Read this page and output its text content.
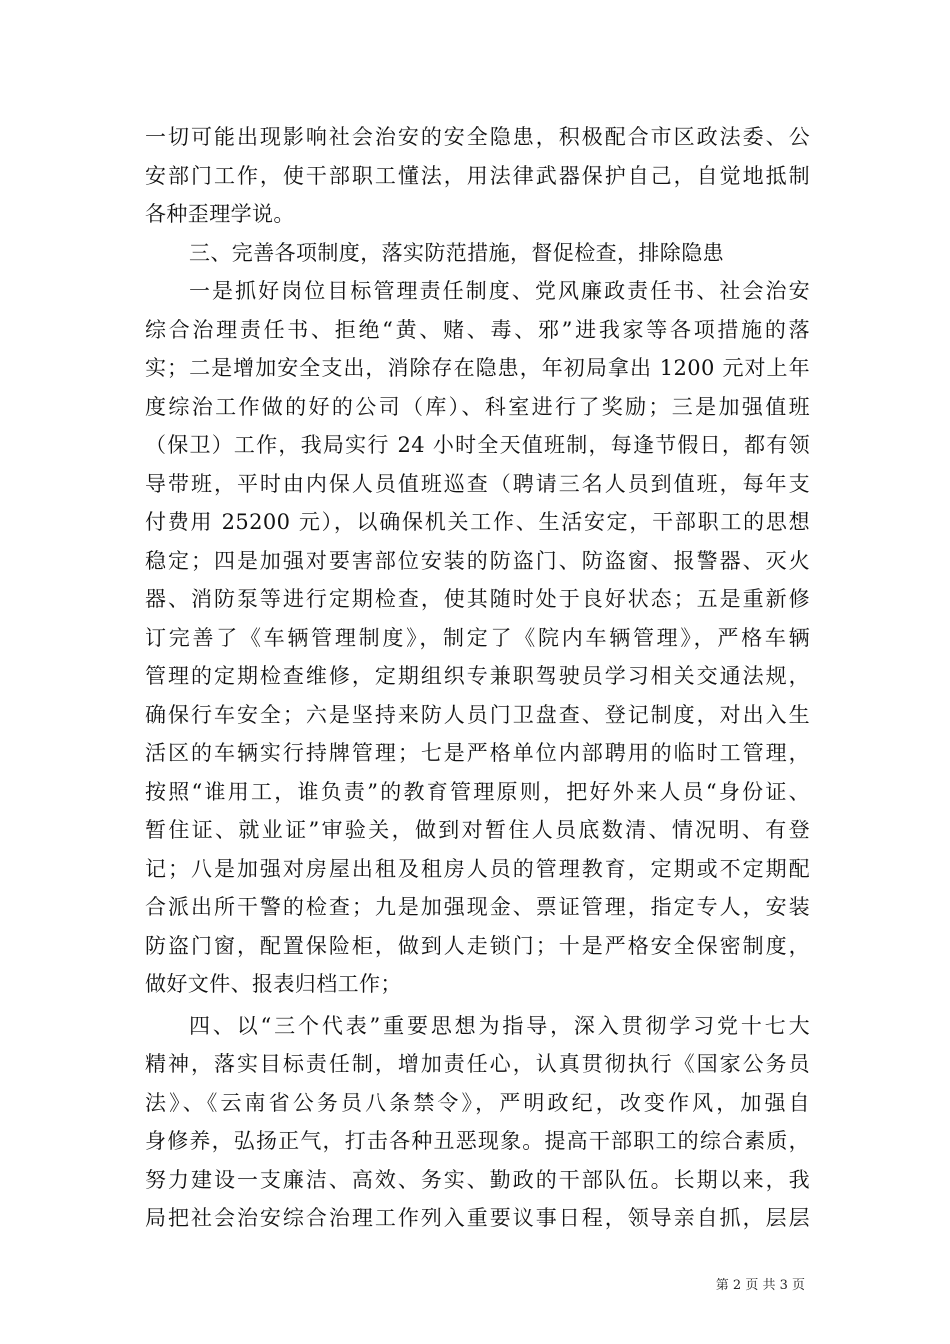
一切可能出现影响社会治安的安全隐患，积极配合市区政法委、公
安部门工作，使干部职工懂法，用法律武器保护自己，自觉地抵制
各种歪理学说。
三、完善各项制度，落实防范措施，督促检查，排除隐患
一是抓好岗位目标管理责任制度、党风廉政责任书、社会治安
综合治理责任书、拒绝“黄、赌、毒、邪”进我家等各项措施的落
实；二是增加安全支出，消除存在隐患，年初局拿出 1200 元对上年
度综治工作做的好的公司（库）、科室进行了奖励；三是加强值班
（保卫）工作，我局实行 24 小时全天值班制，每逢节假日，都有领
导带班，平时由内保人员值班巡查（聘请三名人员到值班，每年支
付费用 25200 元），以确保机关工作、生活安定，干部职工的思想
稳定；四是加强对要害部位安装的防盗门、防盗窗、报警器、灭火
器、消防泵等进行定期检查，使其随时处于良好状态；五是重新修
订完善了《车辆管理制度》，制定了《院内车辆管理》，严格车辆
管理的定期检查维修，定期组织专兼职驾驶员学习相关交通法规，
确保行车安全；六是坚持来防人员门卫盘查、登记制度，对出入生
活区的车辆实行持牌管理；七是严格单位内部聘用的临时工管理，
按照“谁用工，谁负责”的教育管理原则，把好外来人员“身份证、
暂住证、就业证”审验关，做到对暂住人员底数清、情况明、有登
记；八是加强对房屋出租及租房人员的管理教育，定期或不定期配
合派出所干警的检查；九是加强现金、票证管理，指定专人，安装
防盗门窗，配置保险柜，做到人走锁门；十是严格安全保密制度，
做好文件、报表归档工作；
四、以“三个代表”重要思想为指导，深入贯彻学习党十七大
精神，落实目标责任制，增加责任心，认真贯彻执行《国家公务员
法》、《云南省公务员八条禁令》，严明政纪，改变作风，加强自
身修养，弘扬正气，打击各种丑恶现象。提高干部职工的综合素质，
努力建设一支廉洁、高效、务实、勤政的干部队伍。长期以来，我
局把社会治安综合治理工作列入重要议事日程，领导亲自抓，层层
第 2 页 共 3 页
